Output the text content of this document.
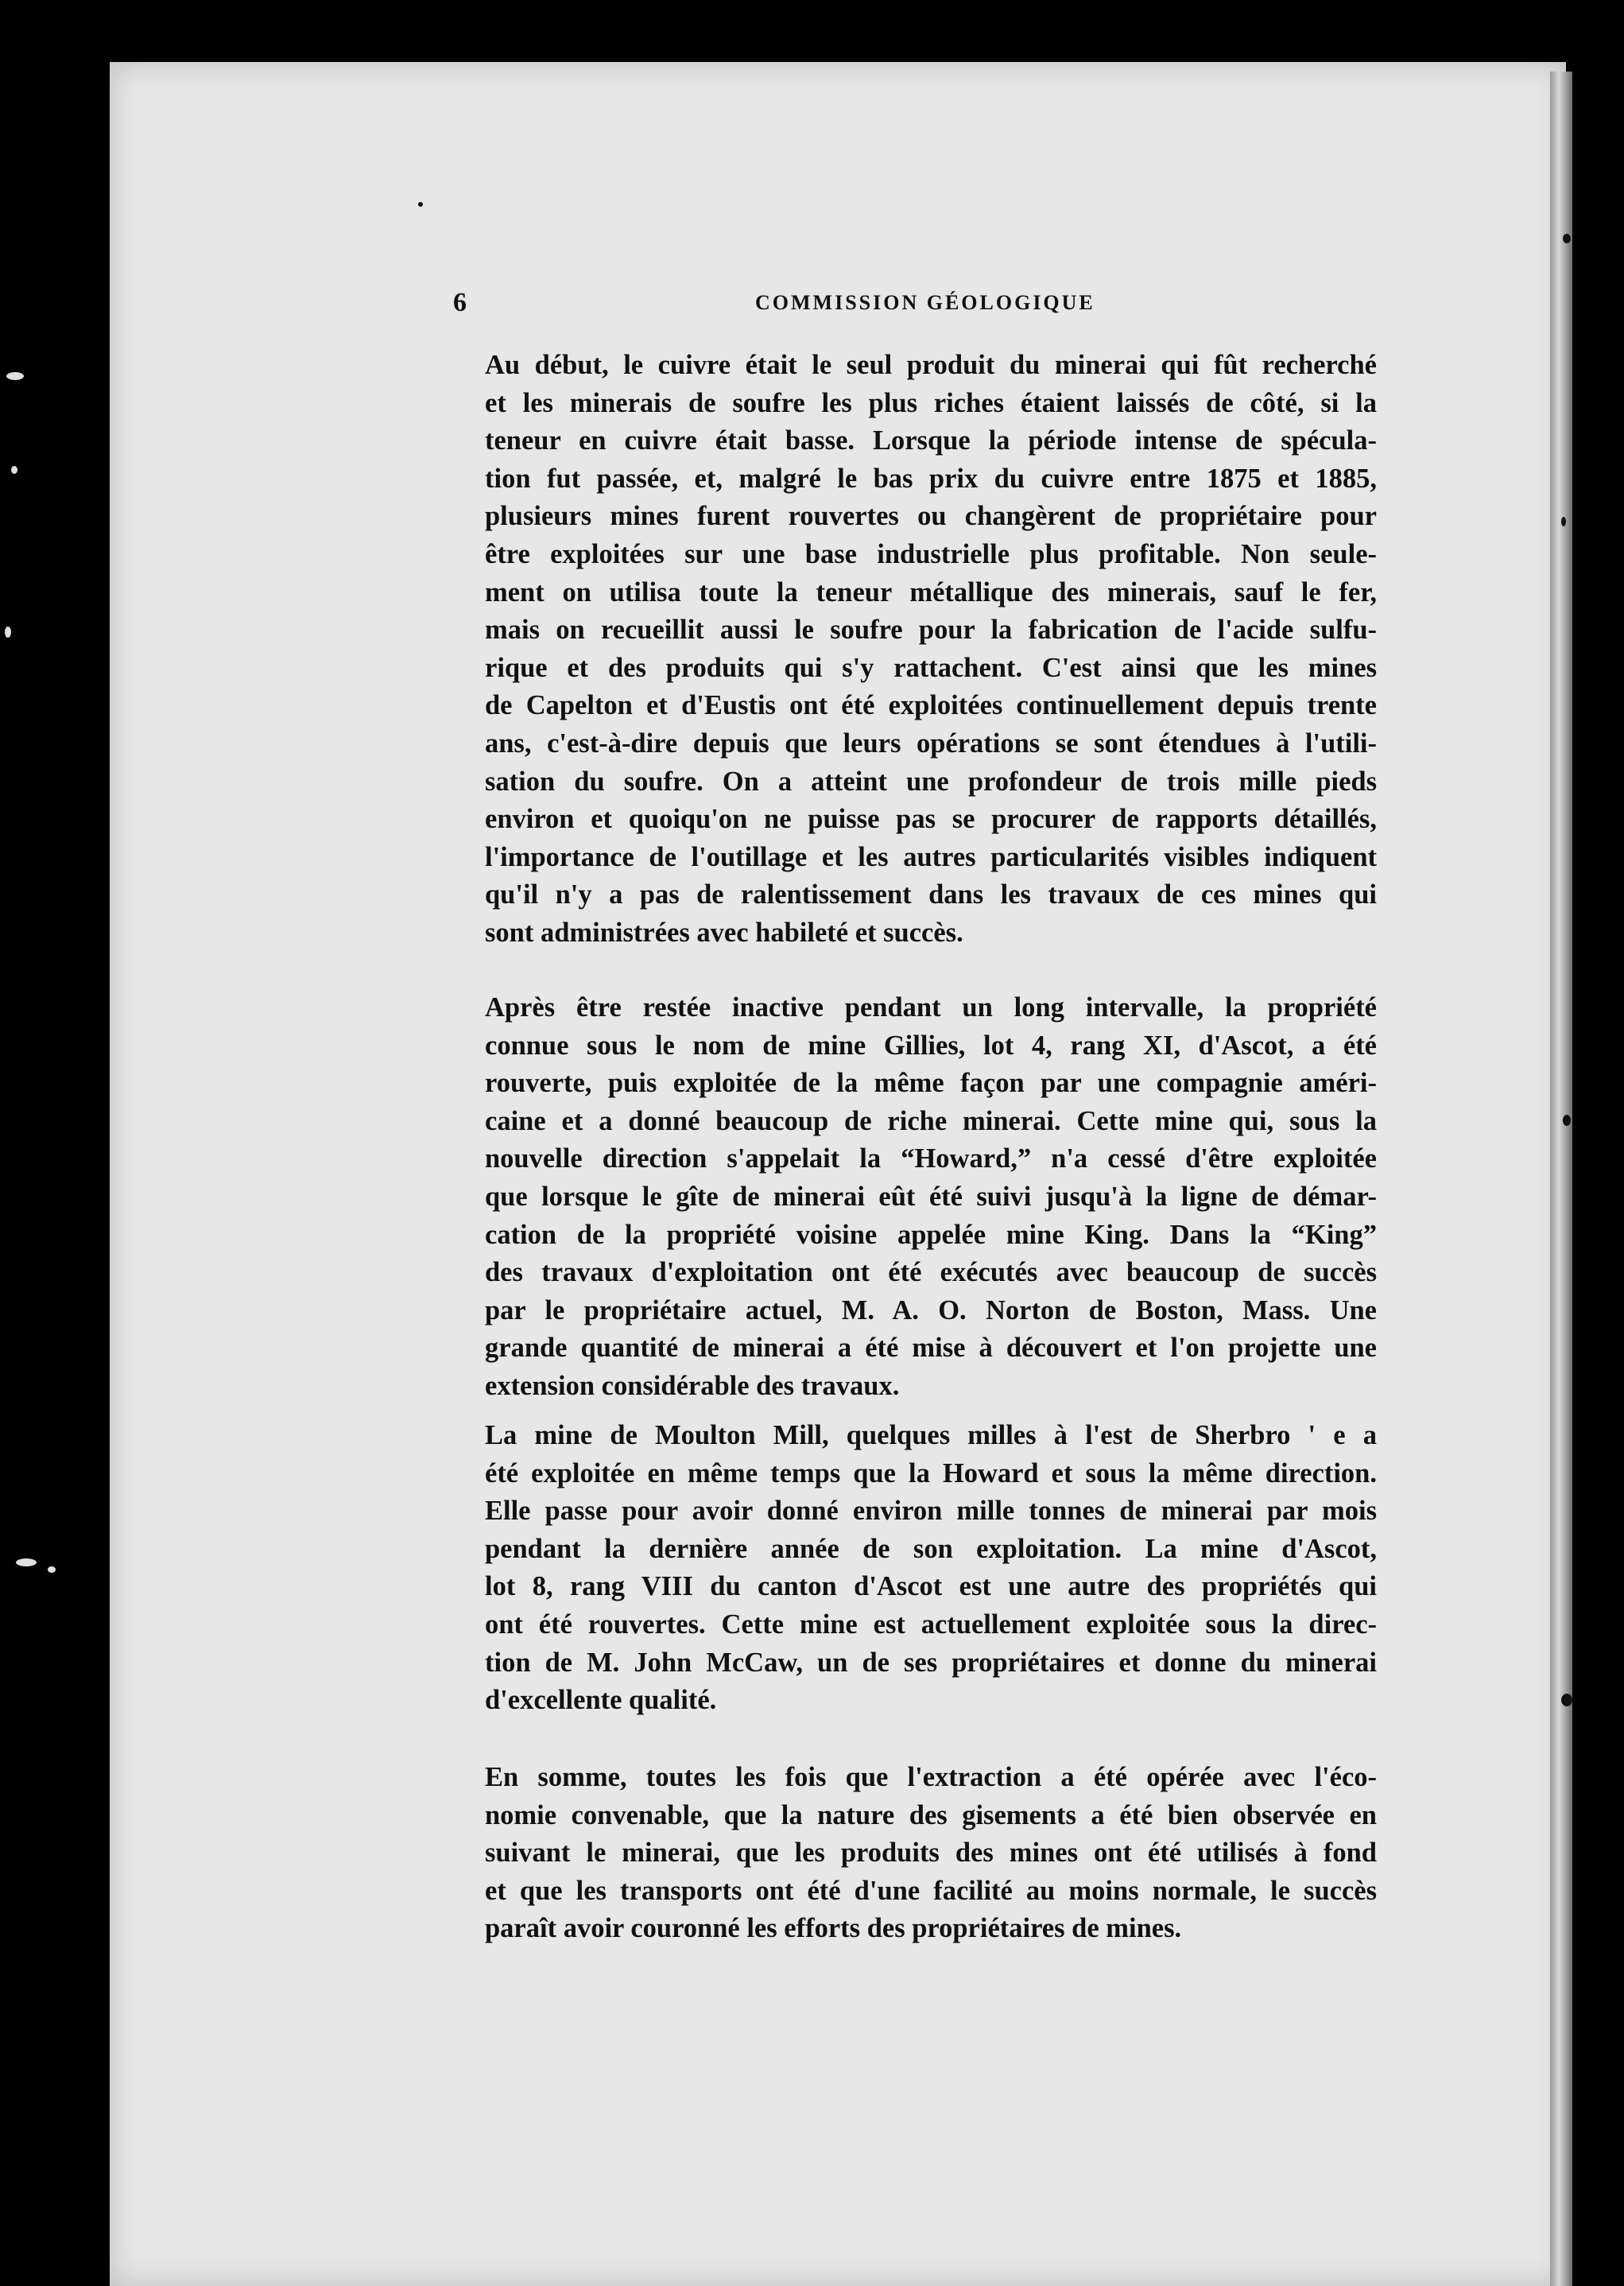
6	COMMISSION GÉOLOGIQUE

Au début, le cuivre était le seul produit du minerai qui fût recherché
et les minerais de soufre les plus riches étaient laissés de côté, si la
teneur en cuivre était basse. Lorsque la période intense de spécula-
tion fut passée, et, malgré le bas prix du cuivre entre 1875 et 1885,
plusieurs mines furent rouvertes ou changèrent de propriétaire pour
être exploitées sur une base industrielle plus profitable. Non seule-
ment on utilisa toute la teneur métallique des minerais, sauf le fer,
mais on recueillit aussi le soufre pour la fabrication de l'acide sulfu-
rique et des produits qui s'y rattachent. C'est ainsi que les mines
de Capelton et d'Eustis ont été exploitées continuellement depuis trente
ans, c'est-à-dire depuis que leurs opérations se sont étendues à l'utili-
sation du soufre. On a atteint une profondeur de trois mille pieds
environ et quoiqu'on ne puisse pas se procurer de rapports détaillés,
l'importance de l'outillage et les autres particularités visibles indiquent
qu'il n'y a pas de ralentissement dans les travaux de ces mines qui
sont administrées avec habileté et succès.

Après être restée inactive pendant un long intervalle, la propriété
connue sous le nom de mine Gillies, lot 4, rang XI, d'Ascot, a été
rouverte, puis exploitée de la même façon par une compagnie améri-
caine et a donné beaucoup de riche minerai. Cette mine qui, sous la
nouvelle direction s'appelait la “Howard,” n'a cessé d'être exploitée
que lorsque le gîte de minerai eût été suivi jusqu'à la ligne de démar-
cation de la propriété voisine appelée mine King. Dans la “King”
des travaux d'exploitation ont été exécutés avec beaucoup de succès
par le propriétaire actuel, M. A. O. Norton de Boston, Mass. Une
grande quantité de minerai a été mise à découvert et l'on projette une
extension considérable des travaux.

La mine de Moulton Mill, quelques milles à l'est de Sherbro ' e a
été exploitée en même temps que la Howard et sous la même direction.
Elle passe pour avoir donné environ mille tonnes de minerai par mois
pendant la dernière année de son exploitation. La mine d'Ascot,
lot 8, rang VIII du canton d'Ascot est une autre des propriétés qui
ont été rouvertes. Cette mine est actuellement exploitée sous la direc-
tion de M. John McCaw, un de ses propriétaires et donne du minerai
d'excellente qualité.

En somme, toutes les fois que l'extraction a été opérée avec l'éco-
nomie convenable, que la nature des gisements a été bien observée en
suivant le minerai, que les produits des mines ont été utilisés à fond
et que les transports ont été d'une facilité au moins normale, le succès
paraît avoir couronné les efforts des propriétaires de mines.
